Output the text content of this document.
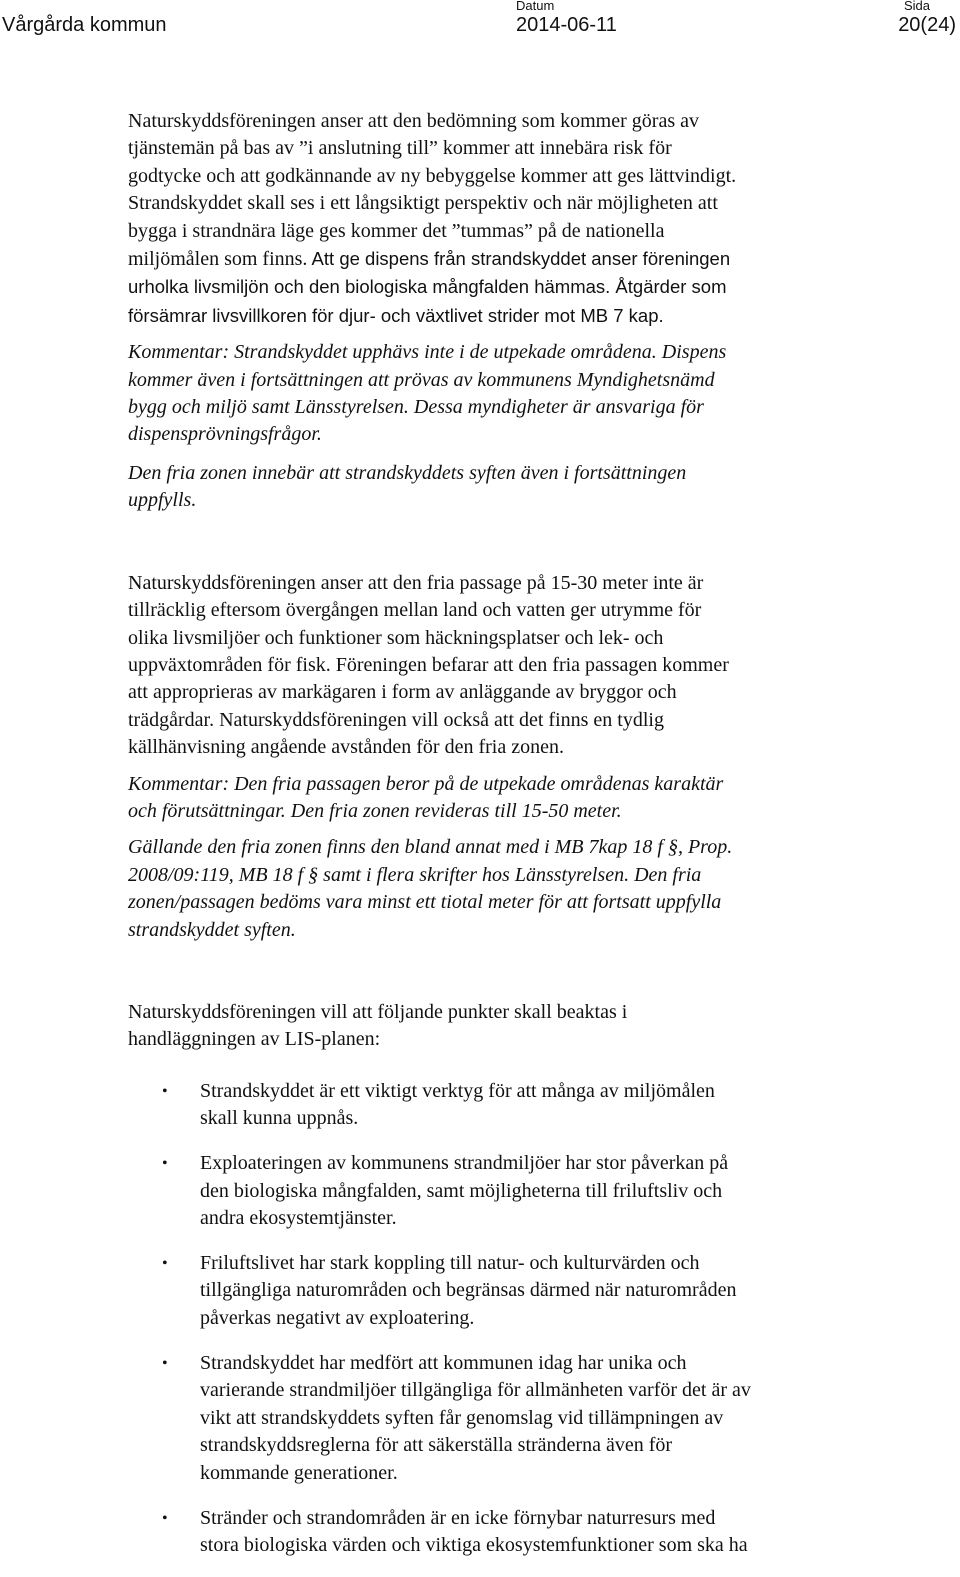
Vårgårda kommun
Datum
2014-06-11
Sida
20(24)

Naturskyddsföreningen anser att den bedömning som kommer göras av
tjänstemän på bas av ”i anslutning till” kommer att innebära risk för
godtycke och att godkännande av ny bebyggelse kommer att ges lättvindigt.
Strandskyddet skall ses i ett långsiktigt perspektiv och när möjligheten att
bygga i strandnära läge ges kommer det ”tummas” på de nationella
miljömålen som finns. Att ge dispens från strandskyddet anser föreningen
urholka livsmiljön och den biologiska mångfalden hämmas. Åtgärder som
försämrar livsvillkoren för djur- och växtlivet strider mot MB 7 kap.

Kommentar: Strandskyddet upphävs inte i de utpekade områdena. Dispens
kommer även i fortsättningen att prövas av kommunens Myndighetsnämd
bygg och miljö samt Länsstyrelsen. Dessa myndigheter är ansvariga för
dispensprövningsfrågor.

Den fria zonen innebär att strandskyddets syften även i fortsättningen
uppfylls.

Naturskyddsföreningen anser att den fria passage på 15-30 meter inte är
tillräcklig eftersom övergången mellan land och vatten ger utrymme för
olika livsmiljöer och funktioner som häckningsplatser och lek- och
uppväxtområden för fisk. Föreningen befarar att den fria passagen kommer
att approprieras av markägaren i form av anläggande av bryggor och
trädgårdar. Naturskyddsföreningen vill också att det finns en tydlig
källhänvisning angående avstånden för den fria zonen.

Kommentar: Den fria passagen beror på de utpekade områdenas karaktär
och förutsättningar. Den fria zonen revideras till 15-50 meter.

Gällande den fria zonen finns den bland annat med i MB 7kap 18 f §, Prop.
2008/09:119, MB 18 f § samt i flera skrifter hos Länsstyrelsen. Den fria
zonen/passagen bedöms vara minst ett tiotal meter för att fortsatt uppfylla
strandskyddet syften.

Naturskyddsföreningen vill att följande punkter skall beaktas i
handläggningen av LIS-planen:

• Strandskyddet är ett viktigt verktyg för att många av miljömålen
skall kunna uppnås.
• Exploateringen av kommunens strandmiljöer har stor påverkan på
den biologiska mångfalden, samt möjligheterna till friluftsliv och
andra ekosystemtjänster.
• Friluftslivet har stark koppling till natur- och kulturvärden och
tillgängliga naturområden och begränsas därmed när naturområden
påverkas negativt av exploatering.
• Strandskyddet har medfört att kommunen idag har unika och
varierande strandmiljöer tillgängliga för allmänheten varför det är av
vikt att strandskyddets syften får genomslag vid tillämpningen av
strandskyddsreglerna för att säkerställa stränderna även för
kommande generationer.
• Stränder och strandområden är en icke förnybar naturresurs med
stora biologiska värden och viktiga ekosystemfunktioner som ska ha
